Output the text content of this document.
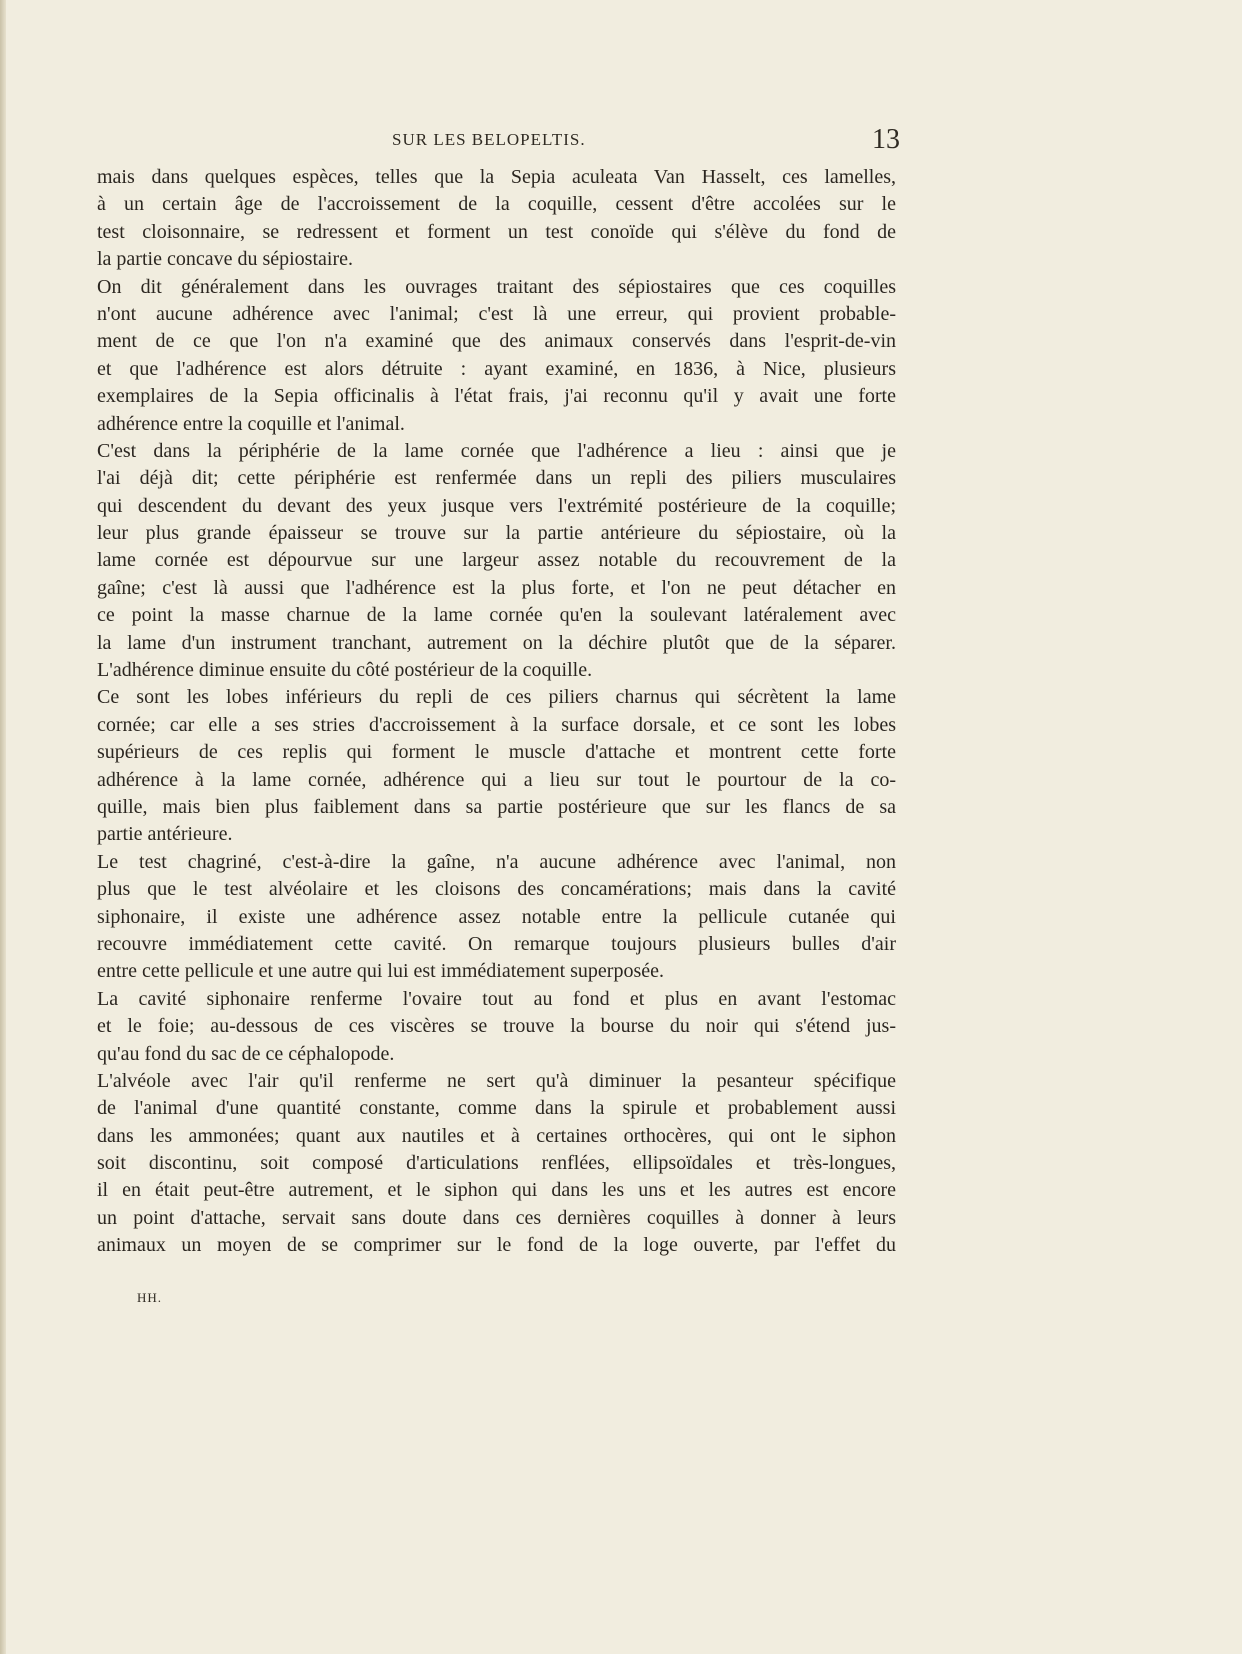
SUR LES BELOPELTIS.	13
mais dans quelques espèces, telles que la Sepia aculeata Van Hasselt, ces lamelles,
à un certain âge de l'accroissement de la coquille, cessent d'être accolées sur le
test cloisonnaire, se redressent et forment un test conoïde qui s'élève du fond de
la partie concave du sépiostaire.
On dit généralement dans les ouvrages traitant des sépiostaires que ces coquilles
n'ont aucune adhérence avec l'animal; c'est là une erreur, qui provient probable-
ment de ce que l'on n'a examiné que des animaux conservés dans l'esprit-de-vin
et que l'adhérence est alors détruite : ayant examiné, en 1836, à Nice, plusieurs
exemplaires de la Sepia officinalis à l'état frais, j'ai reconnu qu'il y avait une forte
adhérence entre la coquille et l'animal.
C'est dans la périphérie de la lame cornée que l'adhérence a lieu : ainsi que je
l'ai déjà dit; cette périphérie est renfermée dans un repli des piliers musculaires
qui descendent du devant des yeux jusque vers l'extrémité postérieure de la coquille;
leur plus grande épaisseur se trouve sur la partie antérieure du sépiostaire, où la
lame cornée est dépourvue sur une largeur assez notable du recouvrement de la
gaîne; c'est là aussi que l'adhérence est la plus forte, et l'on ne peut détacher en
ce point la masse charnue de la lame cornée qu'en la soulevant latéralement avec
la lame d'un instrument tranchant, autrement on la déchire plutôt que de la séparer.
L'adhérence diminue ensuite du côté postérieur de la coquille.
Ce sont les lobes inférieurs du repli de ces piliers charnus qui sécrètent la lame
cornée; car elle a ses stries d'accroissement à la surface dorsale, et ce sont les lobes
supérieurs de ces replis qui forment le muscle d'attache et montrent cette forte
adhérence à la lame cornée, adhérence qui a lieu sur tout le pourtour de la co-
quille, mais bien plus faiblement dans sa partie postérieure que sur les flancs de sa
partie antérieure.
Le test chagriné, c'est-à-dire la gaîne, n'a aucune adhérence avec l'animal, non
plus que le test alvéolaire et les cloisons des concamérations; mais dans la cavité
siphonaire, il existe une adhérence assez notable entre la pellicule cutanée qui
recouvre immédiatement cette cavité. On remarque toujours plusieurs bulles d'air
entre cette pellicule et une autre qui lui est immédiatement superposée.
La cavité siphonaire renferme l'ovaire tout au fond et plus en avant l'estomac
et le foie; au-dessous de ces viscères se trouve la bourse du noir qui s'étend jus-
qu'au fond du sac de ce céphalopode.
L'alvéole avec l'air qu'il renferme ne sert qu'à diminuer la pesanteur spécifique
de l'animal d'une quantité constante, comme dans la spirule et probablement aussi
dans les ammonées; quant aux nautiles et à certaines orthocères, qui ont le siphon
soit discontinu, soit composé d'articulations renflées, ellipsoïdales et très-longues,
il en était peut-être autrement, et le siphon qui dans les uns et les autres est encore
un point d'attache, servait sans doute dans ces dernières coquilles à donner à leurs
animaux un moyen de se comprimer sur le fond de la loge ouverte, par l'effet du
HH.
